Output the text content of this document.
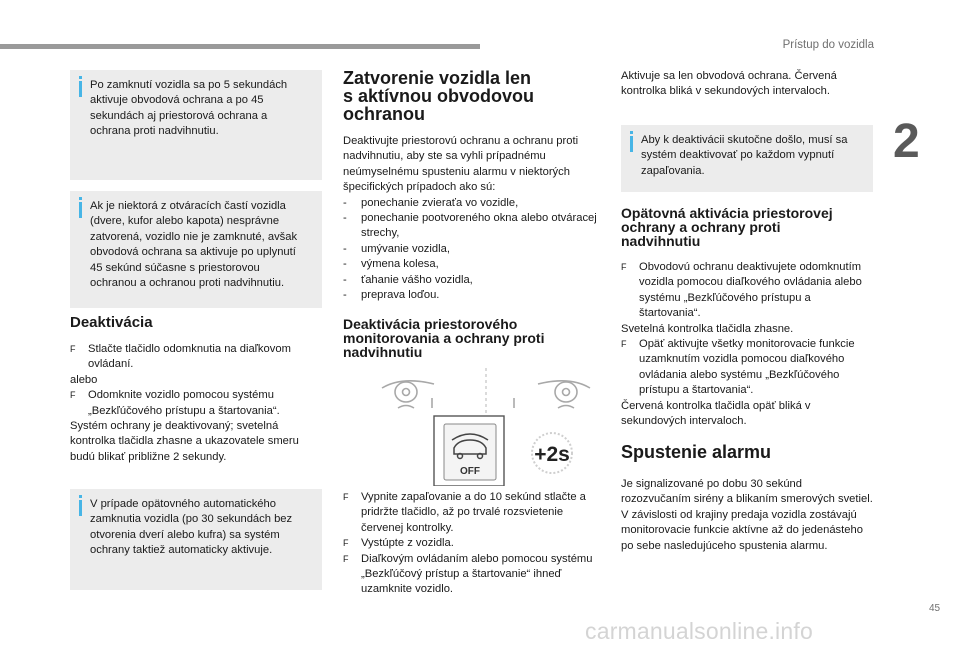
Prístup do vozidla
2
Po zamknutí vozidla sa po 5 sekundách aktivuje obvodová ochrana a po 45 sekundách aj priestorová ochrana a ochrana proti nadvihnutiu.
Ak je niektorá z otváracích častí vozidla (dvere, kufor alebo kapota) nesprávne zatvorená, vozidlo nie je zamknuté, avšak obvodová ochrana sa aktivuje po uplynutí 45 sekúnd súčasne s priestorovou ochranou a ochranou proti nadvihnutiu.
Deaktivácia
F Stlačte tlačidlo odomknutia na diaľkovom ovládaní.
alebo
F Odomknite vozidlo pomocou systému „Bezkľúčového prístupu a štartovania“.
Systém ochrany je deaktivovaný; svetelná kontrolka tlačidla zhasne a ukazovatele smeru budú blikať približne 2 sekundy.
V prípade opätovného automatického zamknutia vozidla (po 30 sekundách bez otvorenia dverí alebo kufra) sa systém ochrany taktiež automaticky aktivuje.
Zatvorenie vozidla len
s aktívnou obvodovou
ochranou
Deaktivujte priestorovú ochranu a ochranu proti nadvihnutiu, aby ste sa vyhli prípadnému neúmyselnému spusteniu alarmu v niektorých špecifických prípadoch ako sú:
- ponechanie zvieraťa vo vozidle,
- ponechanie pootvoreného okna alebo otváracej strechy,
- umývanie vozidla,
- výmena kolesa,
- ťahanie vášho vozidla,
- preprava loďou.
Deaktivácia priestorového
monitorovania a ochrany proti
nadvihnutiu
OFF
+2s
F Vypnite zapaľovanie a do 10 sekúnd stlačte a pridržte tlačidlo, až po trvalé rozsvietenie červenej kontrolky.
F Vystúpte z vozidla.
F Diaľkovým ovládaním alebo pomocou systému „Bezkľúčový prístup a štartovanie“ ihneď uzamknite vozidlo.
Aktivuje sa len obvodová ochrana. Červená kontrolka bliká v sekundových intervaloch.
Aby k deaktivácii skutočne došlo, musí sa systém deaktivovať po každom vypnutí zapaľovania.
Opätovná aktivácia priestorovej
ochrany a ochrany proti
nadvihnutiu
F Obvodovú ochranu deaktivujete odomknutím vozidla pomocou diaľkového ovládania alebo systému „Bezkľúčového prístupu a štartovania“.
Svetelná kontrolka tlačidla zhasne.
F Opäť aktivujte všetky monitorovacie funkcie uzamknutím vozidla pomocou diaľkového ovládania alebo systému „Bezkľúčového prístupu a štartovania“.
Červená kontrolka tlačidla opäť bliká v sekundových intervaloch.
Spustenie alarmu
Je signalizované po dobu 30 sekúnd rozozvučaním sirény a blikaním smerových svetiel.
V závislosti od krajiny predaja vozidla zostávajú monitorovacie funkcie aktívne až do jedenásteho po sebe nasledujúceho spustenia alarmu.
45
carmanualsonline.info
